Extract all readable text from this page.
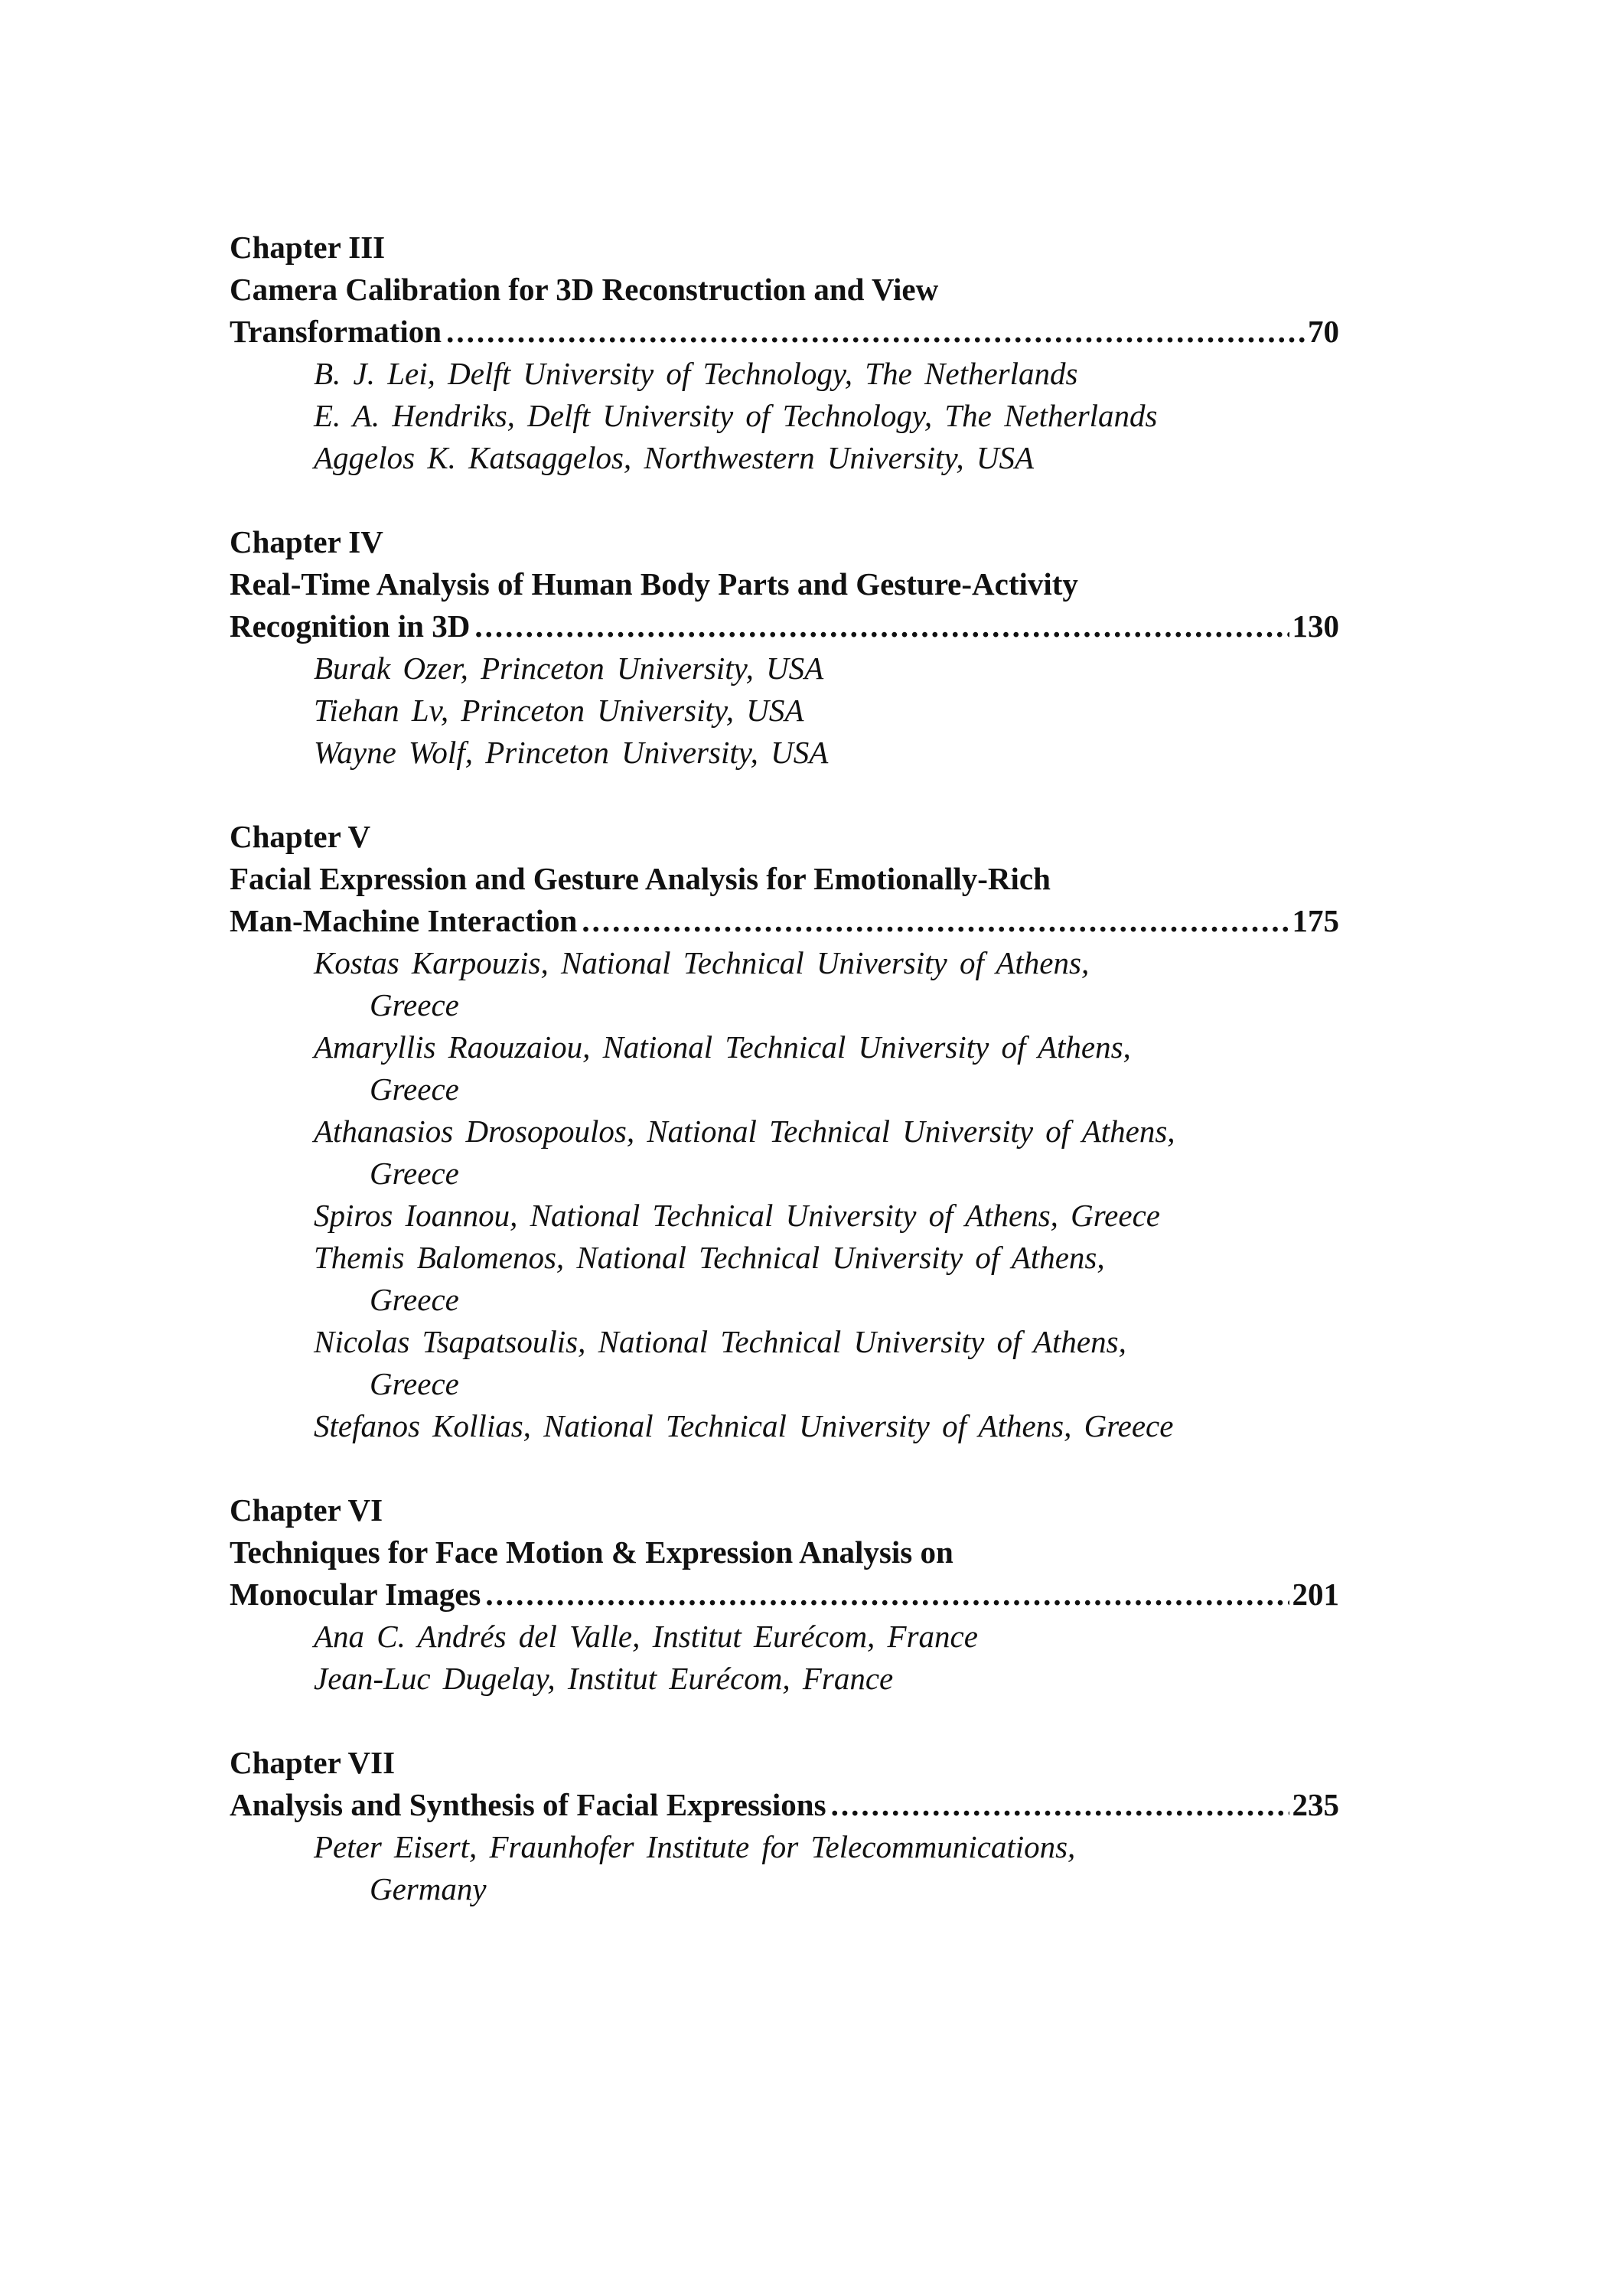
Chapter III
Camera Calibration for 3D Reconstruction and View
Transformation .....	70
B. J. Lei, Delft University of Technology, The Netherlands
E. A. Hendriks, Delft University of Technology, The Netherlands
Aggelos K. Katsaggelos, Northwestern University, USA
Chapter IV
Real-Time Analysis of Human Body Parts and Gesture-Activity
Recognition in 3D .....	130
Burak Ozer, Princeton University, USA
Tiehan Lv, Princeton University, USA
Wayne Wolf, Princeton University, USA
Chapter V
Facial Expression and Gesture Analysis for Emotionally-Rich
Man-Machine Interaction .....	175
Kostas Karpouzis, National Technical University of Athens,
Greece
Amaryllis Raouzaiou, National Technical University of Athens,
Greece
Athanasios Drosopoulos, National Technical University of Athens,
Greece
Spiros Ioannou, National Technical University of Athens, Greece
Themis Balomenos, National Technical University of Athens,
Greece
Nicolas Tsapatsoulis, National Technical University of Athens,
Greece
Stefanos Kollias, National Technical University of Athens, Greece
Chapter VI
Techniques for Face Motion & Expression Analysis on
Monocular Images .....	201
Ana C. Andrés del Valle, Institut Eurécom, France
Jean-Luc Dugelay, Institut Eurécom, France
Chapter VII
Analysis and Synthesis of Facial Expressions .....	235
Peter Eisert, Fraunhofer Institute for Telecommunications,
Germany
